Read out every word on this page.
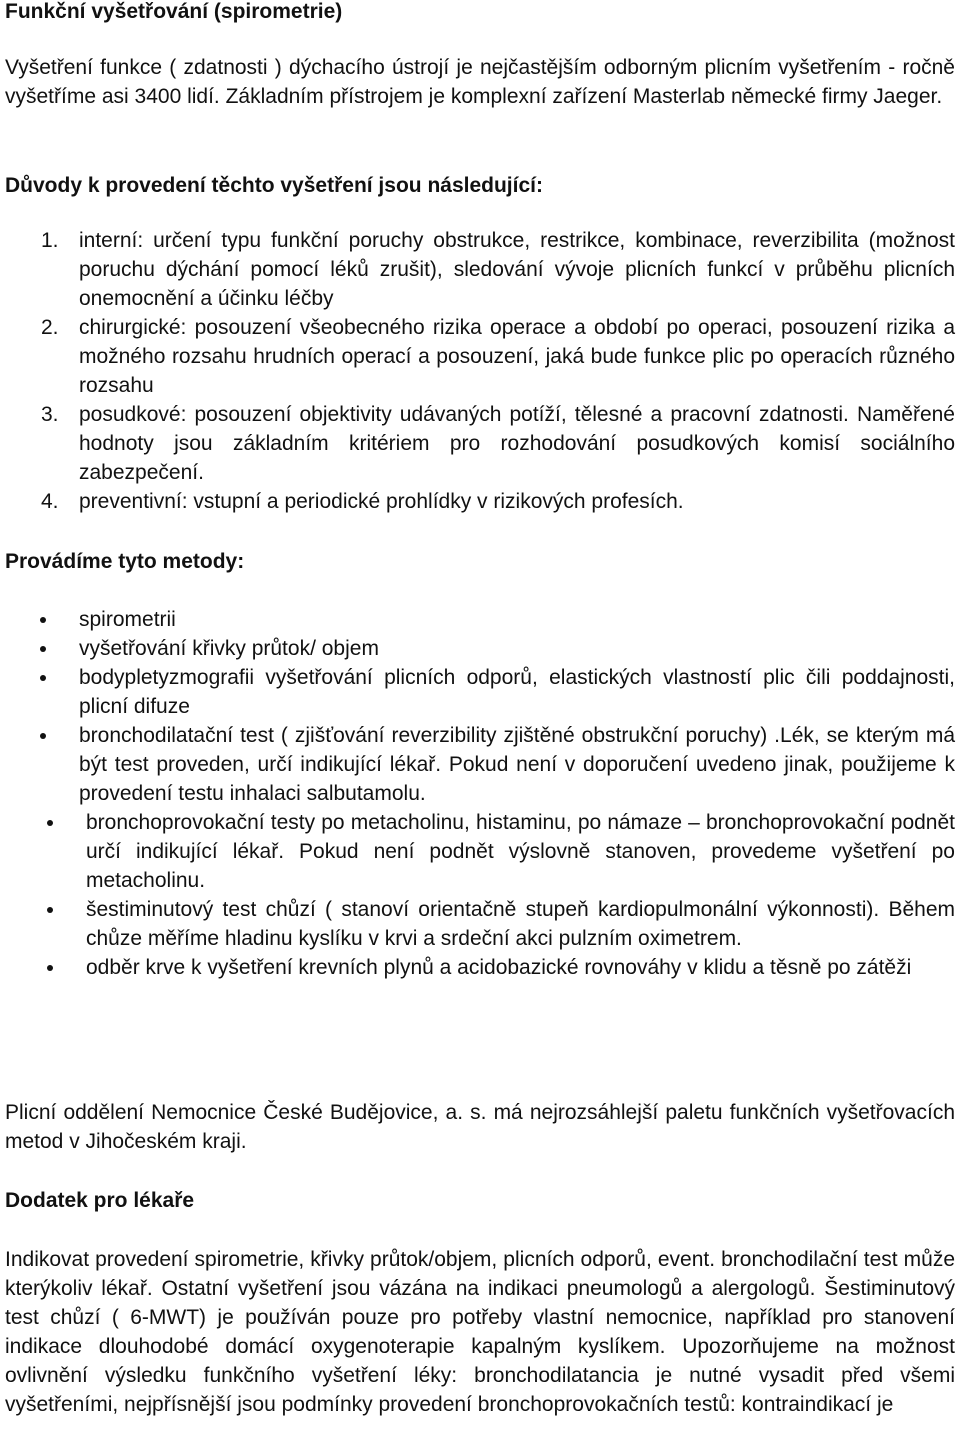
Funkční vyšetřování (spirometrie)

Vyšetření funkce ( zdatnosti ) dýchacího ústrojí je nejčastějším odborným plicním vyšetřením - ročně vyšetříme asi 3400 lidí. Základním přístrojem je komplexní zařízení Masterlab německé firmy Jaeger.

Důvody k provedení těchto vyšetření jsou následující:
1. interní: určení typu funkční poruchy obstrukce, restrikce, kombinace, reverzibilita (možnost poruchu dýchání pomocí léků zrušit), sledování vývoje plicních funkcí v průběhu plicních onemocnění a účinku léčby
2. chirurgické: posouzení všeobecného rizika operace a období po operaci, posouzení rizika a možného rozsahu hrudních operací a posouzení, jaká bude funkce plic po operacích různého rozsahu
3. posudkové: posouzení objektivity udávaných potíží, tělesné a pracovní zdatnosti. Naměřené hodnoty jsou základním kritériem pro rozhodování posudkových komisí sociálního zabezpečení.
4. preventivní: vstupní a periodické prohlídky v rizikových profesích.
Provádíme tyto metody:
spirometrii
vyšetřování křivky průtok/ objem
bodypletyzmografii vyšetřování plicních odporů, elastických vlastností plic čili poddajnosti, plicní difuze
bronchodilatační test ( zjišťování reverzibility zjištěné obstrukční poruchy) .Lék, se kterým má být test proveden, určí indikující lékař. Pokud není v doporučení uvedeno jinak, použijeme k provedení testu inhalaci salbutamolu.
bronchoprovokační testy po metacholinu, histaminu, po námaze – bronchoprovokační podnět určí indikující lékař. Pokud není podnět výslovně stanoven, provedeme vyšetření po metacholinu.
šestiminutový test chůzí ( stanoví orientačně stupeň kardiopulmonální výkonnosti). Během chůze měříme hladinu kyslíku v krvi a srdeční akci pulzním oximetrem.
odběr krve k vyšetření krevních plynů a acidobazické rovnováhy v klidu a těsně po zátěži

Plicní oddělení Nemocnice České Budějovice, a. s. má nejrozsáhlejší paletu funkčních vyšetřovacích metod v Jihočeském kraji.

Dodatek pro lékaře

Indikovat provedení spirometrie, křivky průtok/objem, plicních odporů, event. bronchodilační test může kterýkoliv lékař. Ostatní vyšetření jsou vázána na indikaci pneumologů a alergologů. Šestiminutový test chůzí ( 6-MWT) je používán pouze pro potřeby vlastní nemocnice, například pro stanovení indikace dlouhodobé domácí oxygenoterapie kapalným kyslíkem. Upozorňujeme na možnost ovlivnění výsledku funkčního vyšetření léky: bronchodilatancia je nutné vysadit před všemi vyšetřeními, nejpřísnější jsou podmínky provedení bronchoprovokačních testů: kontraindikací je
